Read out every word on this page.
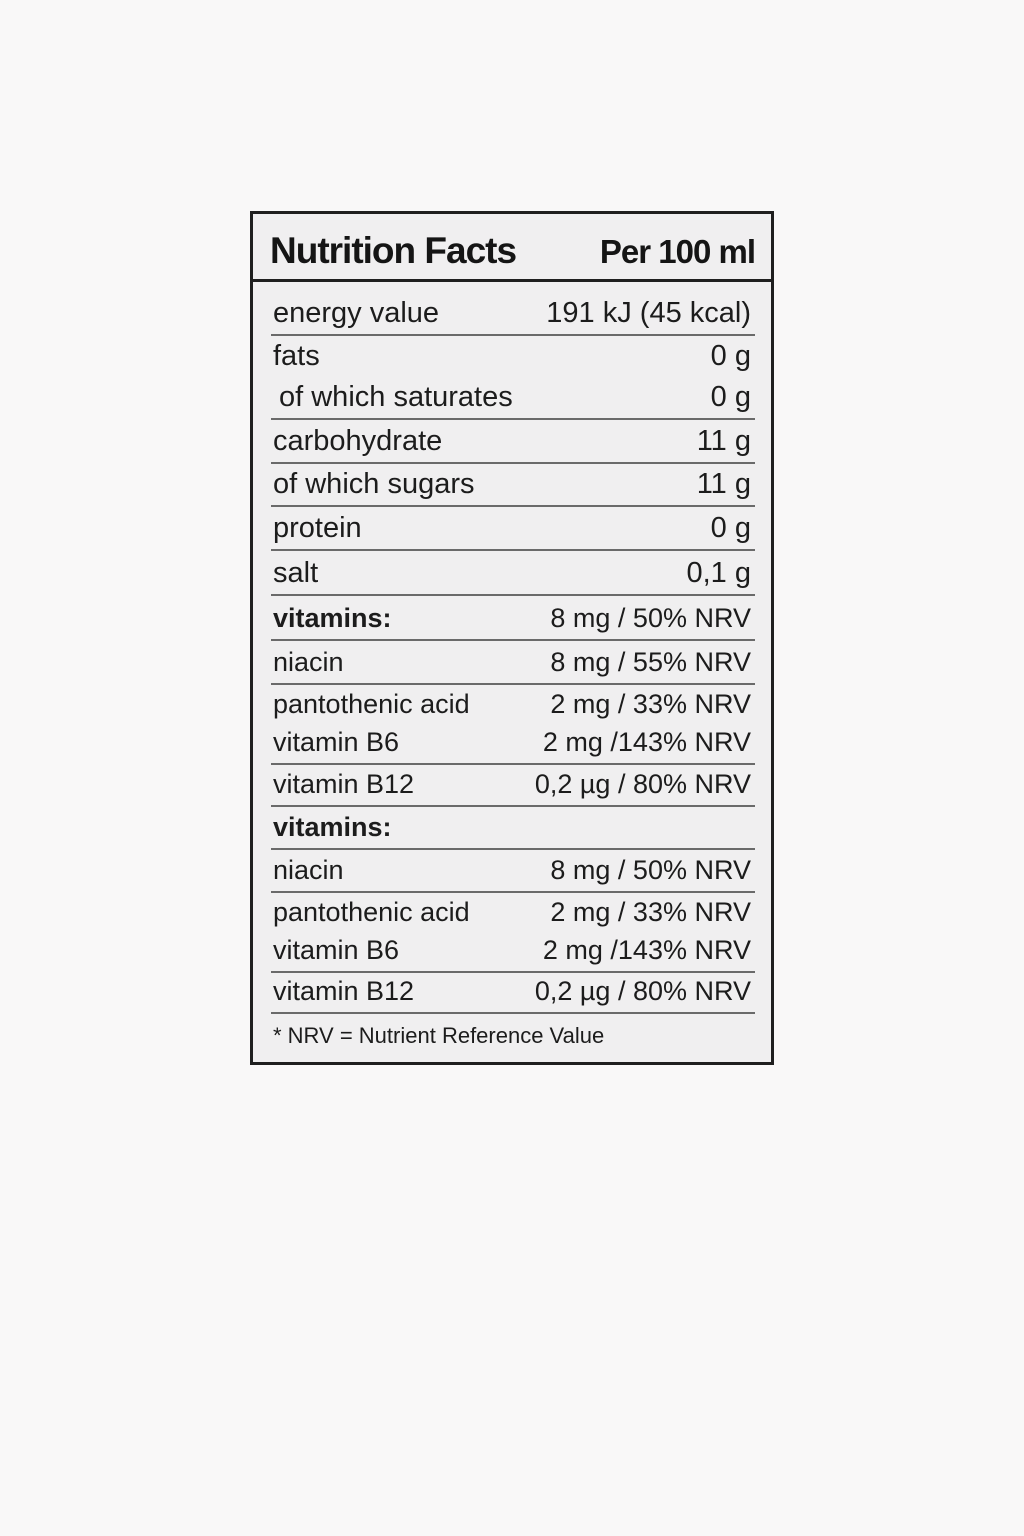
Nutrition Facts	Per 100 ml
energy value	191 kJ (45 kcal)
fats	0 g
of which saturates	0 g
carbohydrate	11 g
of which sugars	11 g
protein	0 g
salt	0,1 g
vitamins:	8 mg / 50% NRV
niacin	8 mg / 55% NRV
pantothenic acid	2 mg / 33% NRV
vitamin B6	2 mg /143% NRV
vitamin B12	0,2 µg / 80% NRV
vitamins:
niacin	8 mg / 50% NRV
pantothenic acid	2 mg / 33% NRV
vitamin B6	2 mg /143% NRV
vitamin B12	0,2 µg / 80% NRV
* NRV = Nutrient Reference Value
